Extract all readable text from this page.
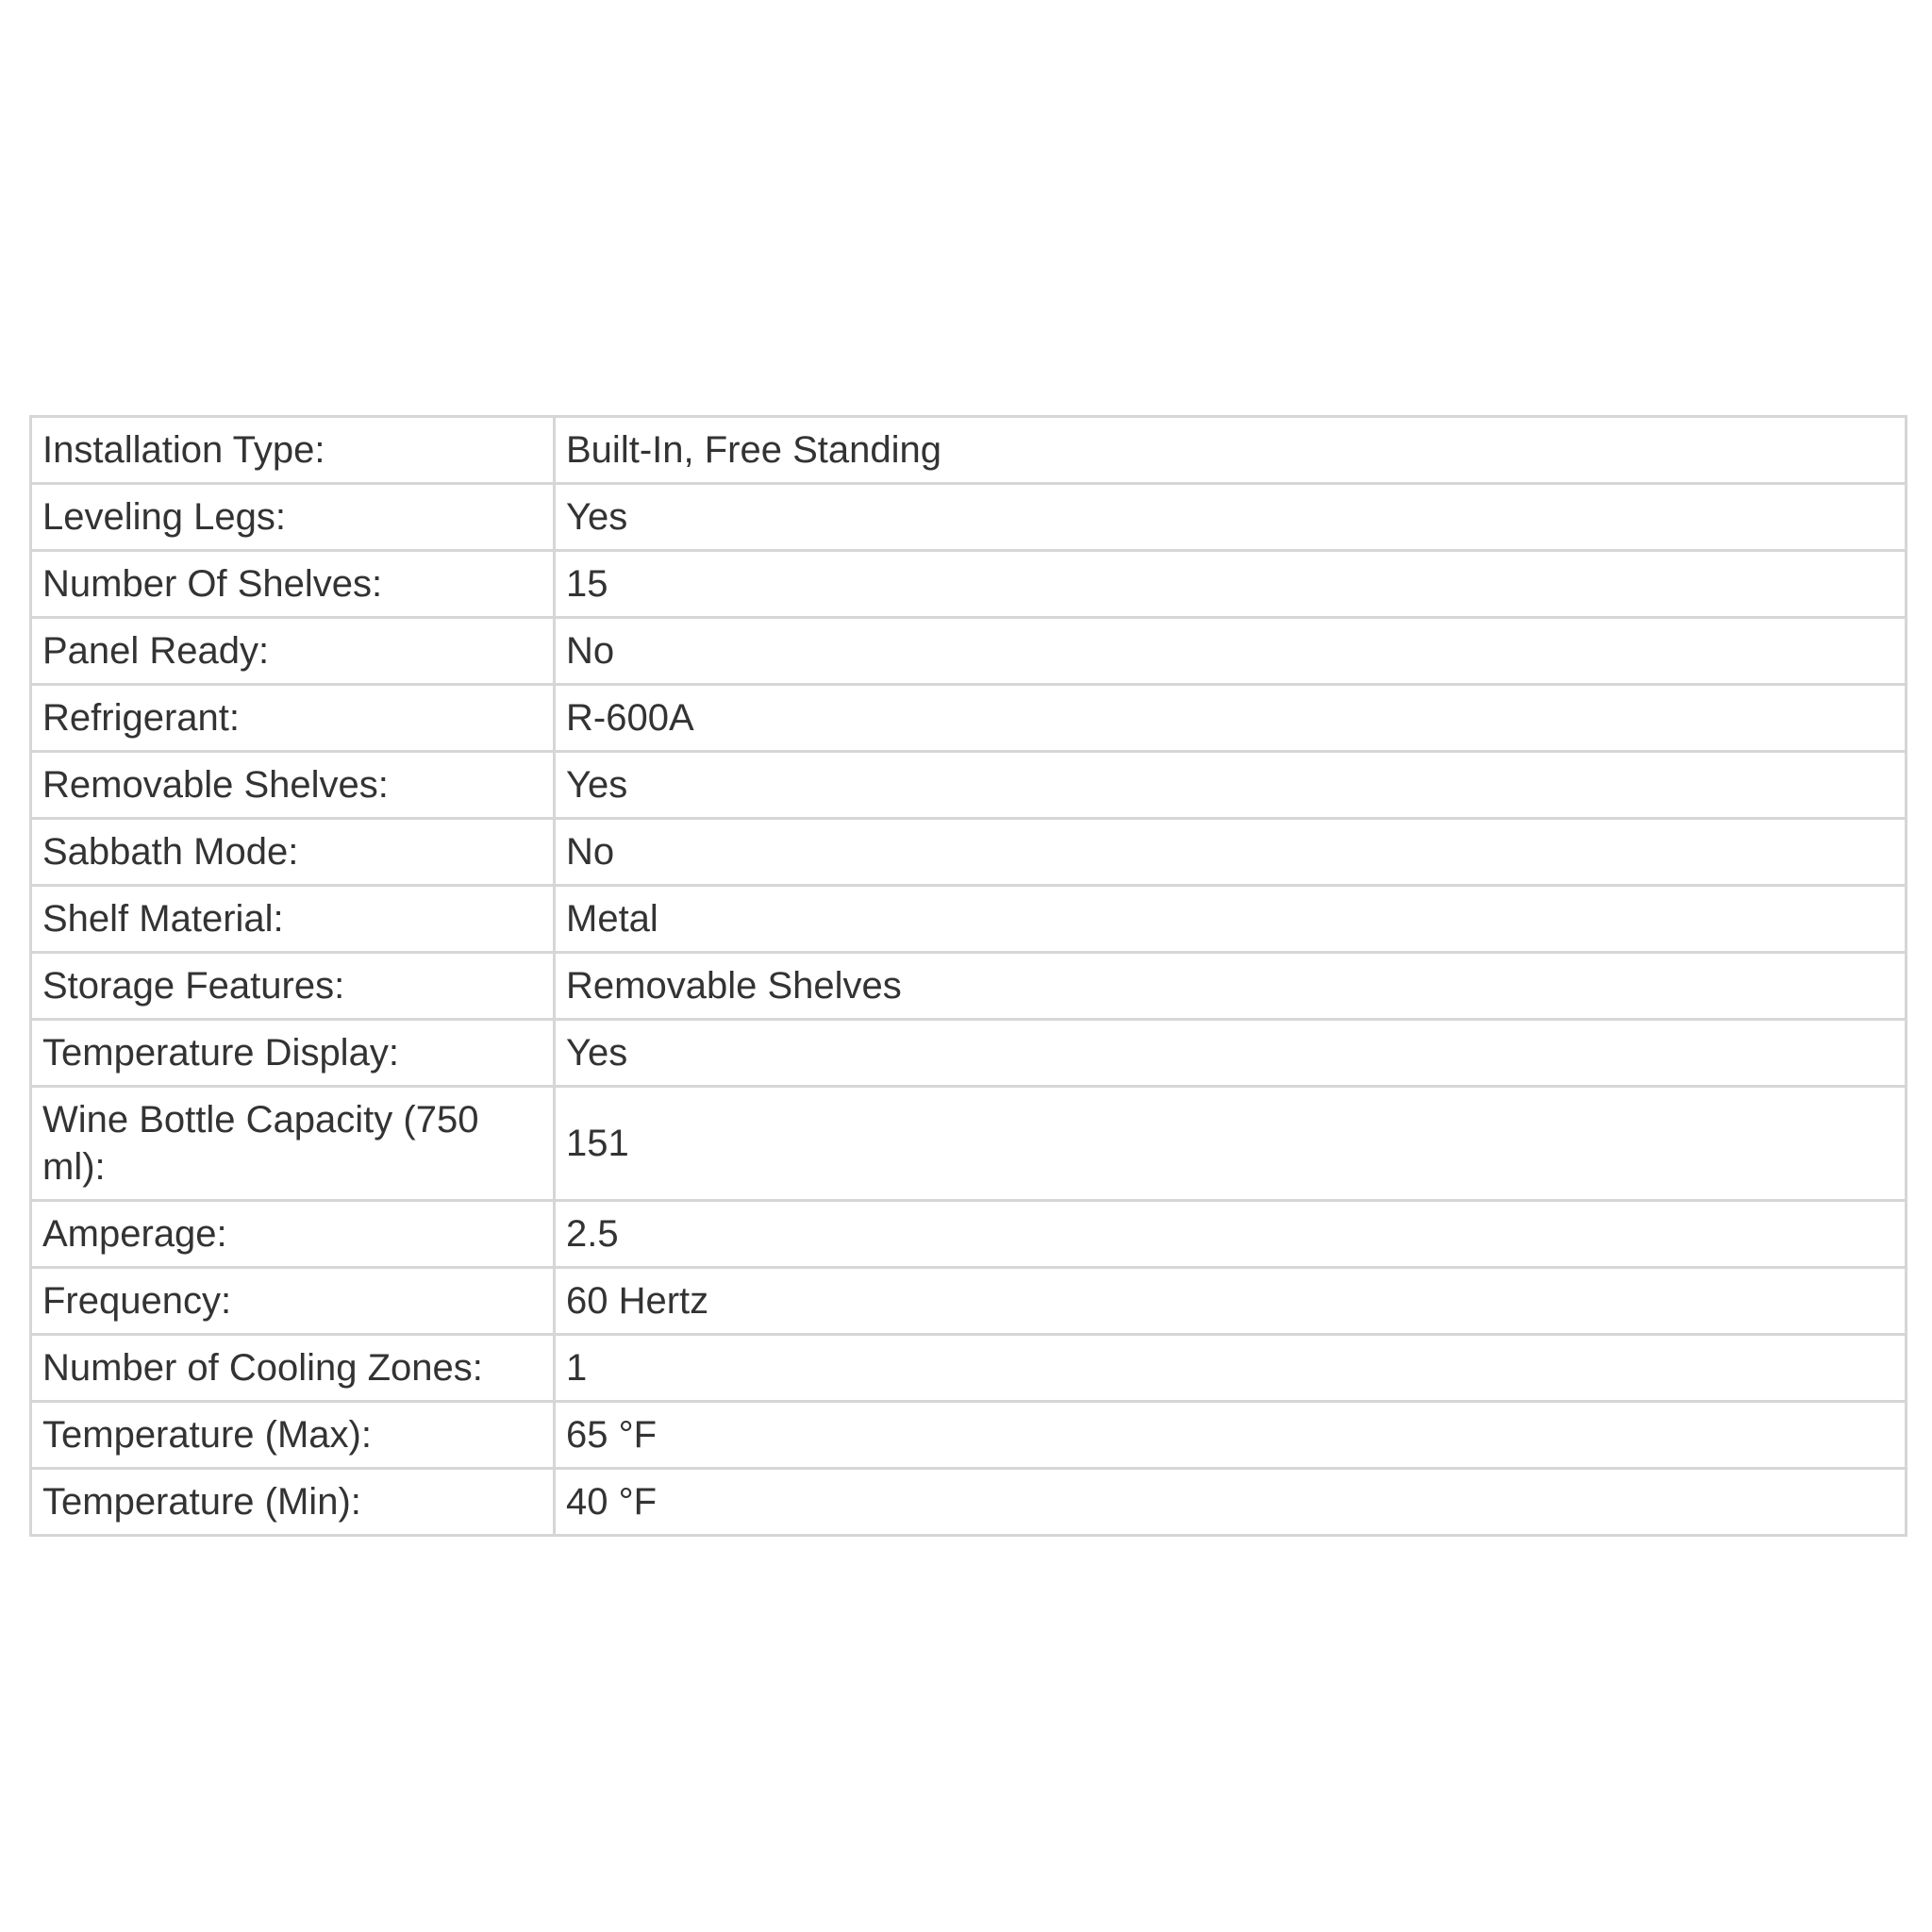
Installation Type:	Built-In, Free Standing
Leveling Legs:	Yes
Number Of Shelves:	15
Panel Ready:	No
Refrigerant:	R-600A
Removable Shelves:	Yes
Sabbath Mode:	No
Shelf Material:	Metal
Storage Features:	Removable Shelves
Temperature Display:	Yes
Wine Bottle Capacity (750 ml):	151
Amperage:	2.5
Frequency:	60 Hertz
Number of Cooling Zones:	1
Temperature (Max):	65 °F
Temperature (Min):	40 °F
